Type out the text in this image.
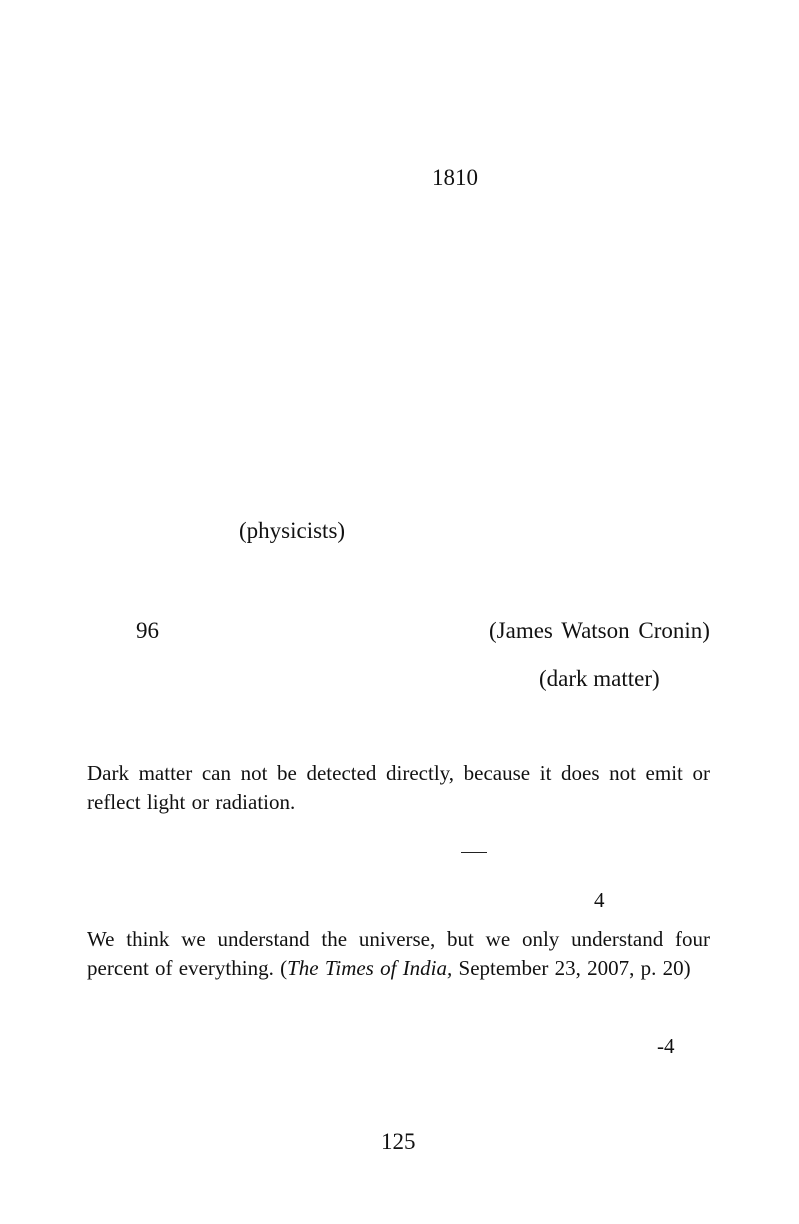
1810

(physicists)

96	(James Watson Cronin)

(dark matter)

Dark matter can not be detected directly, because it does not emit or reflect light or radiation.

4

We think we understand the universe, but we only understand four percent of everything. (The Times of India, September 23, 2007, p. 20)

-4

125
